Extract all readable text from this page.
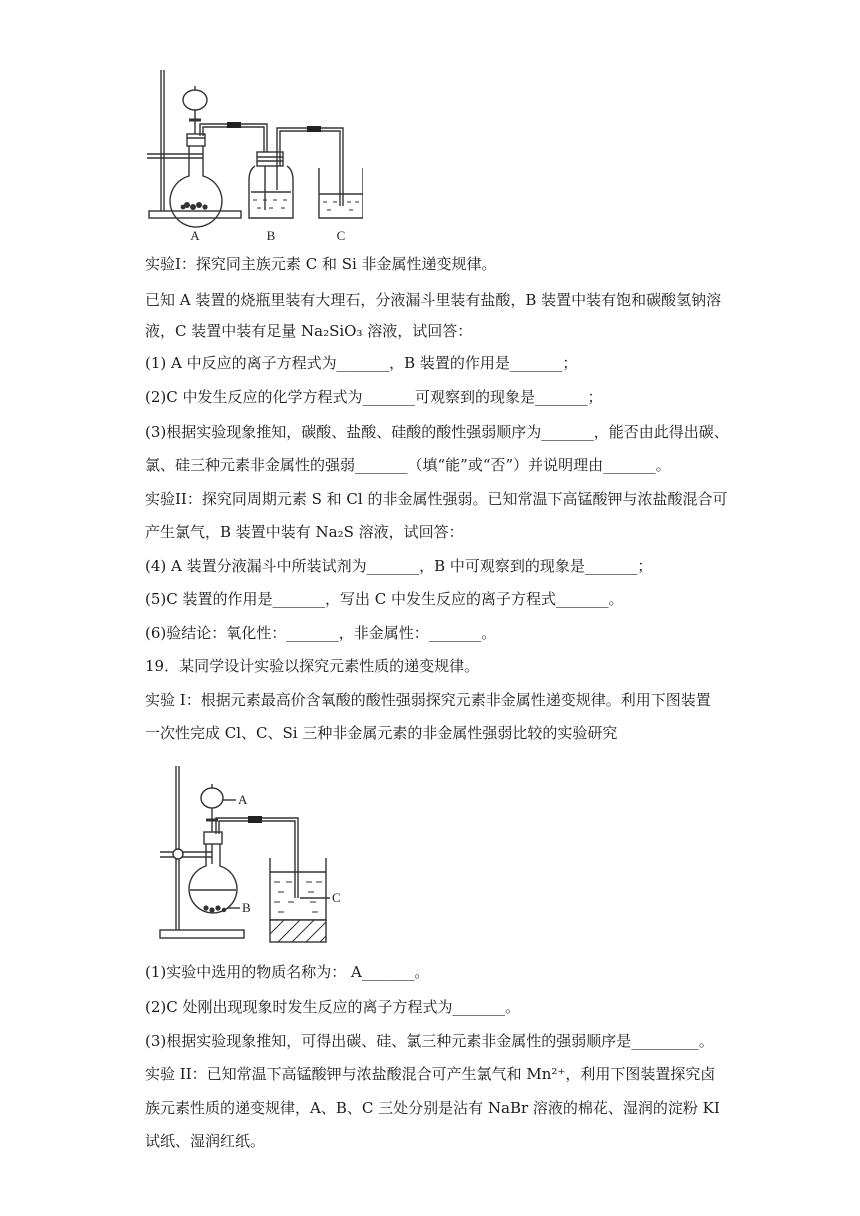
A	B	C
实验I：探究同主族元素 C 和 Si 非金属性递变规律。
已知 A 装置的烧瓶里装有大理石，分液漏斗里装有盐酸，B 装置中装有饱和碳酸氢钠溶
液，C 装置中装有足量 Na₂SiO₃ 溶液，试回答：
(1) A 中反应的离子方程式为_______，B 装置的作用是_______；
(2)C 中发生反应的化学方程式为_______可观察到的现象是_______；
(3)根据实验现象推知，碳酸、盐酸、硅酸的酸性强弱顺序为_______，能否由此得出碳、
氯、硅三种元素非金属性的强弱_______（填“能”或“否”）并说明理由_______。
实验II：探究同周期元素 S 和 Cl 的非金属性强弱。已知常温下高锰酸钾与浓盐酸混合可
产生氯气，B 装置中装有 Na₂S 溶液，试回答：
(4) A 装置分液漏斗中所装试剂为_______，B 中可观察到的现象是_______；
(5)C 装置的作用是_______，写出 C 中发生反应的离子方程式_______。
(6)验结论：氧化性：_______，非金属性：_______。
19．某同学设计实验以探究元素性质的递变规律。
实验 I：根据元素最高价含氧酸的酸性强弱探究元素非金属性递变规律。利用下图装置
一次性完成 Cl、C、Si 三种非金属元素的非金属性强弱比较的实验研究
A
B
C
(1)实验中选用的物质名称为： A_______。
(2)C 处刚出现现象时发生反应的离子方程式为_______。
(3)根据实验现象推知，可得出碳、硅、氯三种元素非金属性的强弱顺序是_________。
实验 II：已知常温下高锰酸钾与浓盐酸混合可产生氯气和 Mn²⁺，利用下图装置探究卤
族元素性质的递变规律，A、B、C 三处分别是沾有 NaBr 溶液的棉花、湿润的淀粉 KI
试纸、湿润红纸。
